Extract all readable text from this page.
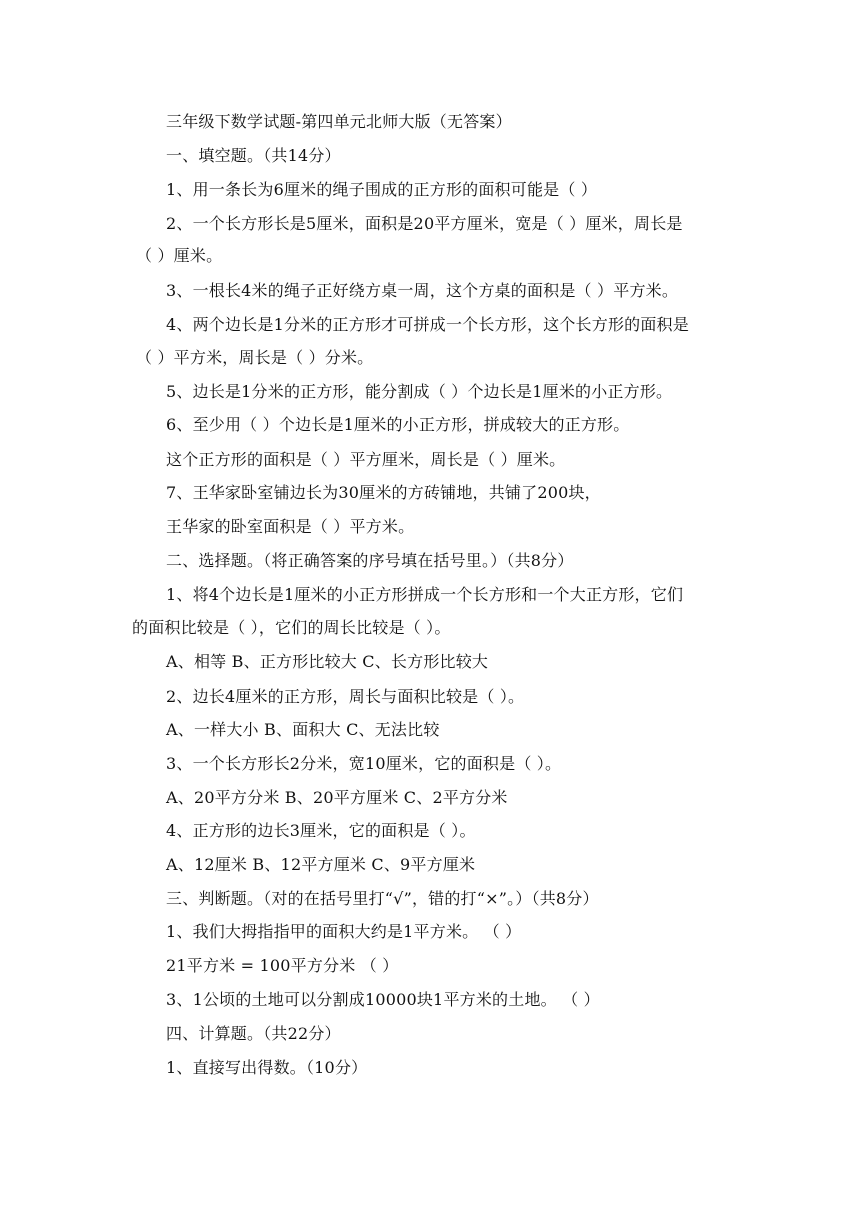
三年级下数学试题-第四单元北师大版（无答案）
一、填空题。（共14分）
1、用一条长为6厘米的绳子围成的正方形的面积可能是（ ）
2、一个长方形长是5厘米，面积是20平方厘米，宽是（ ）厘米，周长是
（ ）厘米。
3、一根长4米的绳子正好绕方桌一周，这个方桌的面积是（ ）平方米。
4、两个边长是1分米的正方形才可拼成一个长方形，这个长方形的面积是
（ ）平方米，周长是（ ）分米。
5、边长是1分米的正方形，能分割成（ ）个边长是1厘米的小正方形。
6、至少用（ ）个边长是1厘米的小正方形，拼成较大的正方形。
这个正方形的面积是（ ）平方厘米，周长是（ ）厘米。
7、王华家卧室铺边长为30厘米的方砖铺地，共铺了200块，
王华家的卧室面积是（ ）平方米。
二、选择题。（将正确答案的序号填在括号里。）（共8分）
1、将4个边长是1厘米的小正方形拼成一个长方形和一个大正方形，它们
的面积比较是（ ），它们的周长比较是（ ）。
A、相等 B、正方形比较大 C、长方形比较大
2、边长4厘米的正方形，周长与面积比较是（ ）。
A、一样大小 B、面积大 C、无法比较
3、一个长方形长2分米，宽10厘米，它的面积是（ ）。
A、20平方分米 B、20平方厘米 C、2平方分米
4、正方形的边长3厘米，它的面积是（ ）。
A、12厘米 B、12平方厘米 C、9平方厘米
三、判断题。（对的在括号里打“√”，错的打“×”。）（共8分）
1、我们大拇指指甲的面积大约是1平方米。 （ ）
21平方米 = 100平方分米 （ ）
3、1公顷的土地可以分割成10000块1平方米的土地。 （ ）
四、计算题。（共22分）
1、直接写出得数。（10分）
